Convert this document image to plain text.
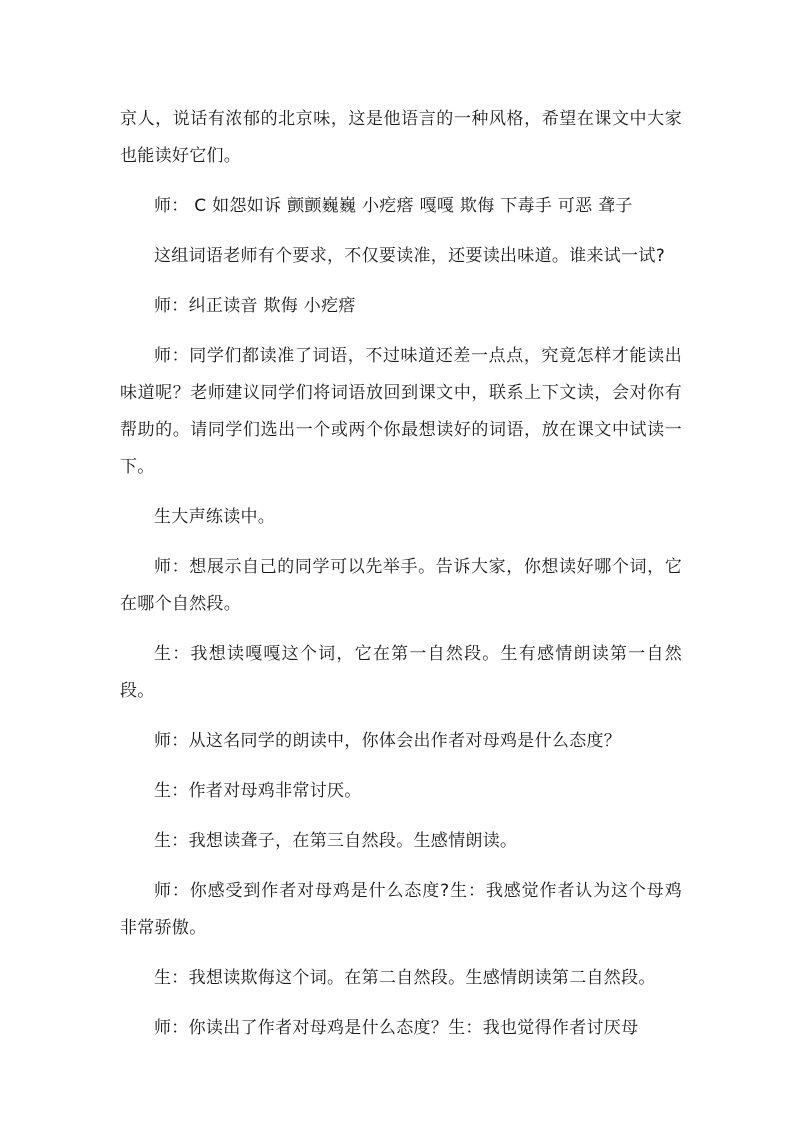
京人，说话有浓郁的北京味，这是他语言的一种风格，希望在课文中大家也能读好它们。

师： C 如怨如诉 颤颤巍巍 小疙瘩 嘎嘎 欺侮 下毒手 可恶 聋子

这组词语老师有个要求，不仅要读准，还要读出味道。谁来试一试?

师：纠正读音 欺侮 小疙瘩

师：同学们都读准了词语，不过味道还差一点点，究竟怎样才能读出味道呢？老师建议同学们将词语放回到课文中，联系上下文读，会对你有帮助的。请同学们选出一个或两个你最想读好的词语，放在课文中试读一下。

生大声练读中。

师：想展示自己的同学可以先举手。告诉大家，你想读好哪个词，它在哪个自然段。

生：我想读嘎嘎这个词，它在第一自然段。生有感情朗读第一自然段。

师：从这名同学的朗读中，你体会出作者对母鸡是什么态度？

生：作者对母鸡非常讨厌。

生：我想读聋子，在第三自然段。生感情朗读。

师：你感受到作者对母鸡是什么态度?生：我感觉作者认为这个母鸡非常骄傲。

生：我想读欺侮这个词。在第二自然段。生感情朗读第二自然段。

师：你读出了作者对母鸡是什么态度？生：我也觉得作者讨厌母
